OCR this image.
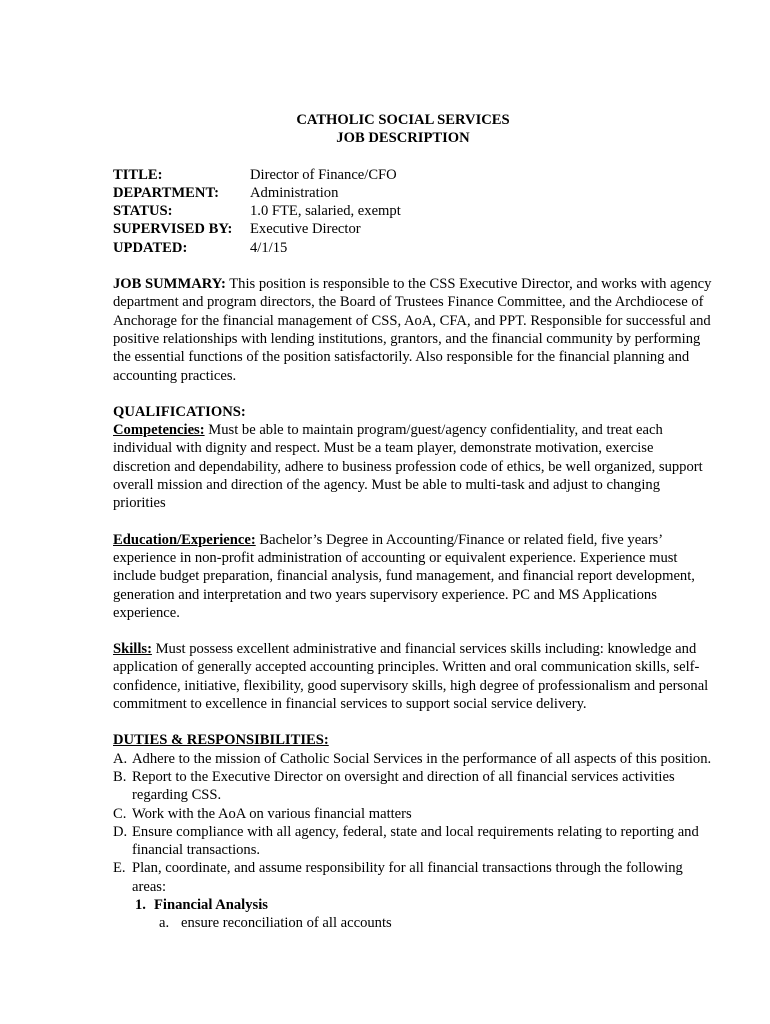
CATHOLIC SOCIAL SERVICES
JOB DESCRIPTION
TITLE:	Director of Finance/CFO
DEPARTMENT:	Administration
STATUS:	1.0 FTE, salaried, exempt
SUPERVISED BY:	Executive Director
UPDATED:	4/1/15
JOB SUMMARY: This position is responsible to the CSS Executive Director, and works with agency department and program directors, the Board of Trustees Finance Committee, and the Archdiocese of Anchorage for the financial management of CSS, AoA, CFA, and PPT. Responsible for successful and positive relationships with lending institutions, grantors, and the financial community by performing the essential functions of the position satisfactorily. Also responsible for the financial planning and accounting practices.
QUALIFICATIONS:
Competencies: Must be able to maintain program/guest/agency confidentiality, and treat each individual with dignity and respect. Must be a team player, demonstrate motivation, exercise discretion and dependability, adhere to business profession code of ethics, be well organized, support overall mission and direction of the agency. Must be able to multi-task and adjust to changing priorities
Education/Experience: Bachelor’s Degree in Accounting/Finance or related field, five years’ experience in non-profit administration of accounting or equivalent experience. Experience must include budget preparation, financial analysis, fund management, and financial report development, generation and interpretation and two years supervisory experience. PC and MS Applications experience.
Skills: Must possess excellent administrative and financial services skills including: knowledge and application of generally accepted accounting principles. Written and oral communication skills, self-confidence, initiative, flexibility, good supervisory skills, high degree of professionalism and personal commitment to excellence in financial services to support social service delivery.
DUTIES & RESPONSIBILITIES:
A. Adhere to the mission of Catholic Social Services in the performance of all aspects of this position.
B. Report to the Executive Director on oversight and direction of all financial services activities regarding CSS.
C. Work with the AoA on various financial matters
D. Ensure compliance with all agency, federal, state and local requirements relating to reporting and financial transactions.
E. Plan, coordinate, and assume responsibility for all financial transactions through the following areas:
1. Financial Analysis
a. ensure reconciliation of all accounts
